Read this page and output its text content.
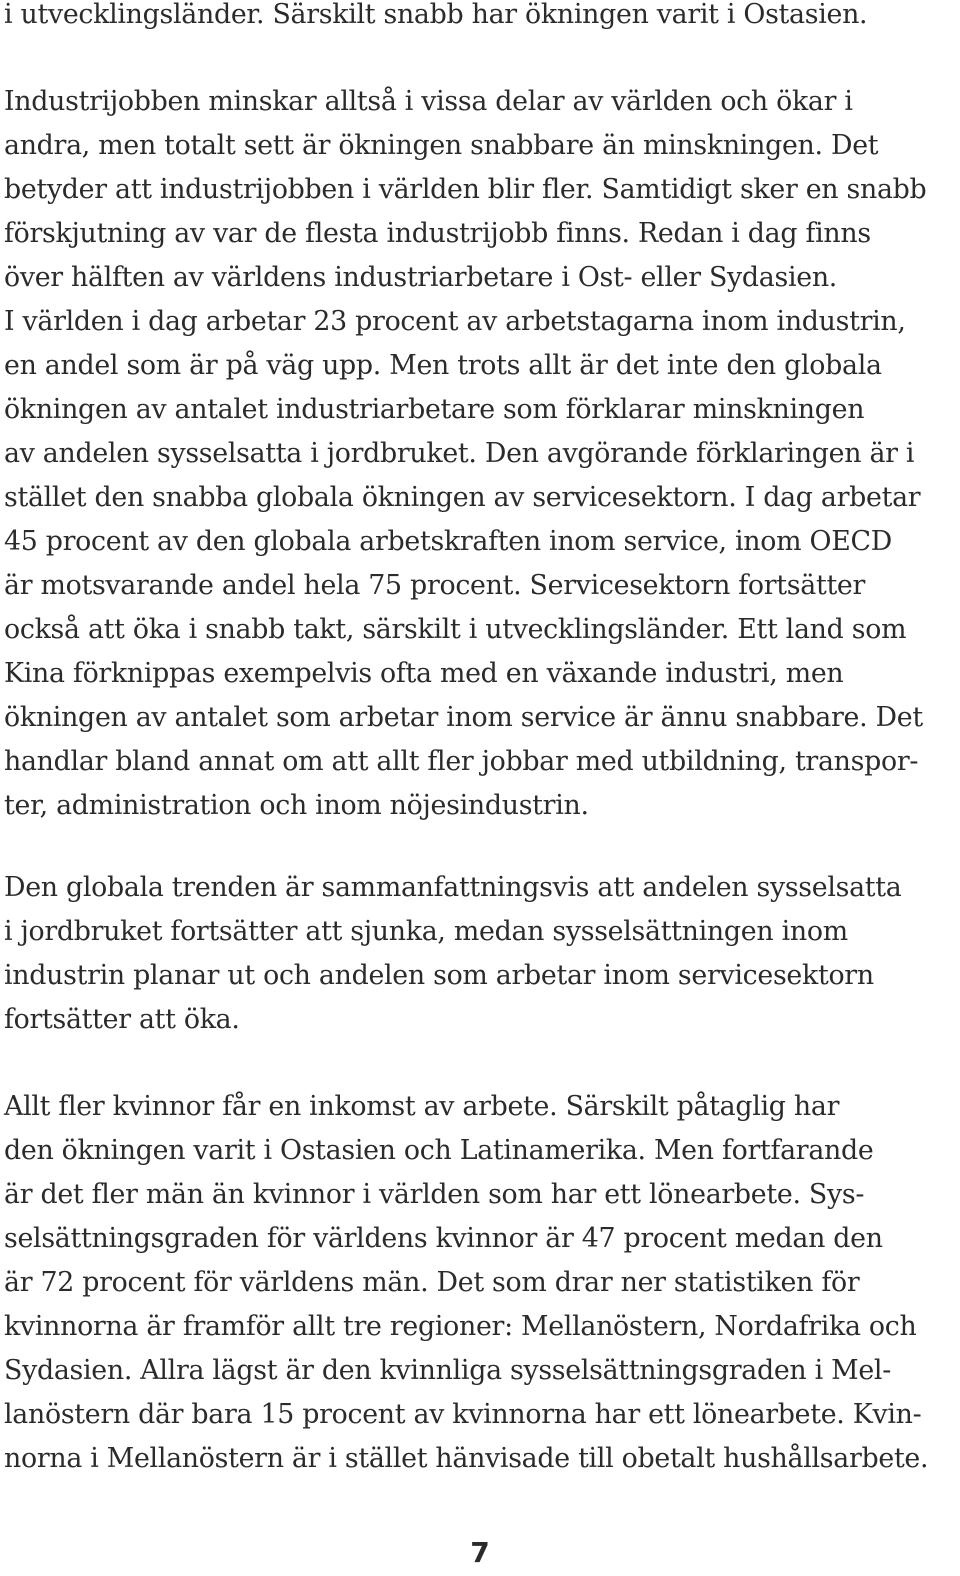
i utvecklingsländer. Särskilt snabb har ökningen varit i Ostasien.
Industrijobben minskar alltså i vissa delar av världen och ökar i
andra, men totalt sett är ökningen snabbare än minskningen. Det
betyder att industrijobben i världen blir fler. Samtidigt sker en snabb
förskjutning av var de flesta industrijobb finns. Redan i dag finns
över hälften av världens industriarbetare i Ost- eller Sydasien.
I världen i dag arbetar 23 procent av arbetstagarna inom industrin,
en andel som är på väg upp. Men trots allt är det inte den globala
ökningen av antalet industriarbetare som förklarar minskningen
av andelen sysselsatta i jordbruket. Den avgörande förklaringen är i
stället den snabba globala ökningen av servicesektorn. I dag arbetar
45 procent av den globala arbetskraften inom service, inom OECD
är motsvarande andel hela 75 procent. Servicesektorn fortsätter
också att öka i snabb takt, särskilt i utvecklingsländer. Ett land som
Kina förknippas exempelvis ofta med en växande industri, men
ökningen av antalet som arbetar inom service är ännu snabbare. Det
handlar bland annat om att allt fler jobbar med utbildning, transpor-
ter, administration och inom nöjesindustrin.
Den globala trenden är sammanfattningsvis att andelen sysselsatta
i jordbruket fortsätter att sjunka, medan sysselsättningen inom
industrin planar ut och andelen som arbetar inom servicesektorn
fortsätter att öka.
Allt fler kvinnor får en inkomst av arbete. Särskilt påtaglig har
den ökningen varit i Ostasien och Latinamerika. Men fortfarande
är det fler män än kvinnor i världen som har ett lönearbete. Sys-
selsättningsgraden för världens kvinnor är 47 procent medan den
är 72 procent för världens män. Det som drar ner statistiken för
kvinnorna är framför allt tre regioner: Mellanöstern, Nordafrika och
Sydasien. Allra lägst är den kvinnliga sysselsättningsgraden i Mel-
lanöstern där bara 15 procent av kvinnorna har ett lönearbete. Kvin-
norna i Mellanöstern är i stället hänvisade till obetalt hushållsarbete.
7
